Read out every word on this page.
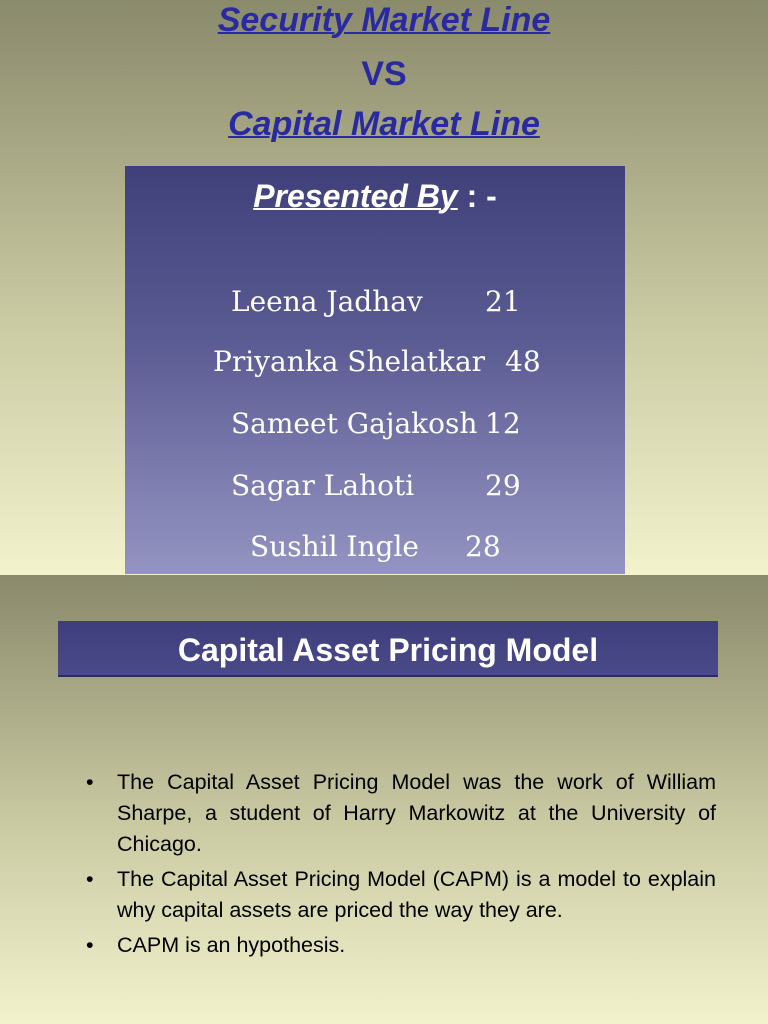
Security Market Line
VS
Capital Market Line
Presented By : -
Leena Jadhav 21
Priyanka Shelatkar 48
Sameet Gajakosh 12
Sagar Lahoti	29
Sushil Ingle 28
Capital Asset Pricing Model
• The Capital Asset Pricing Model was the work of William Sharpe, a student of Harry Markowitz at the University of Chicago.
• The Capital Asset Pricing Model (CAPM) is a model to explain why capital assets are priced the way they are.
• CAPM is an hypothesis.
